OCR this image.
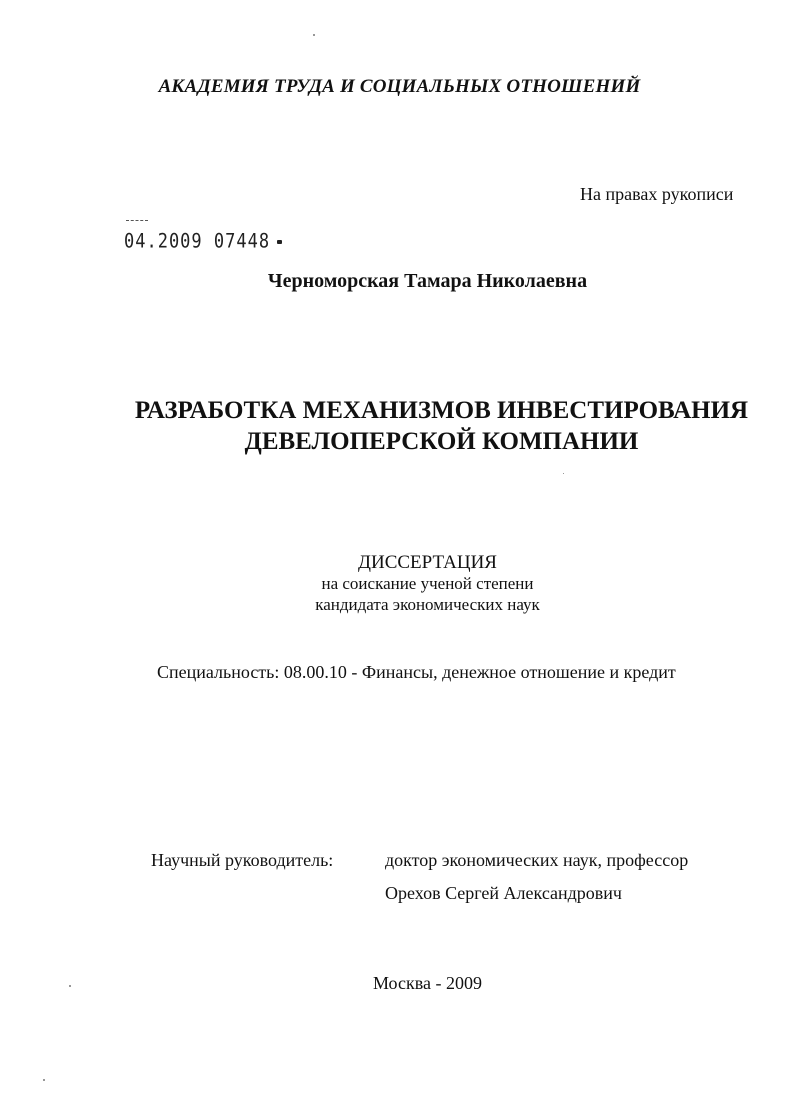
АКАДЕМИЯ ТРУДА И СОЦИАЛЬНЫХ ОТНОШЕНИЙ
На правах рукописи
04.2009 07448
Черноморская Тамара Николаевна
РАЗРАБОТКА МЕХАНИЗМОВ ИНВЕСТИРОВАНИЯ
ДЕВЕЛОПЕРСКОЙ КОМПАНИИ
ДИССЕРТАЦИЯ
на соискание ученой степени
кандидата экономических наук
Специальность: 08.00.10 - Финансы, денежное отношение и кредит
Научный руководитель:	доктор экономических наук, профессор
Орехов Сергей Александрович
Москва - 2009
